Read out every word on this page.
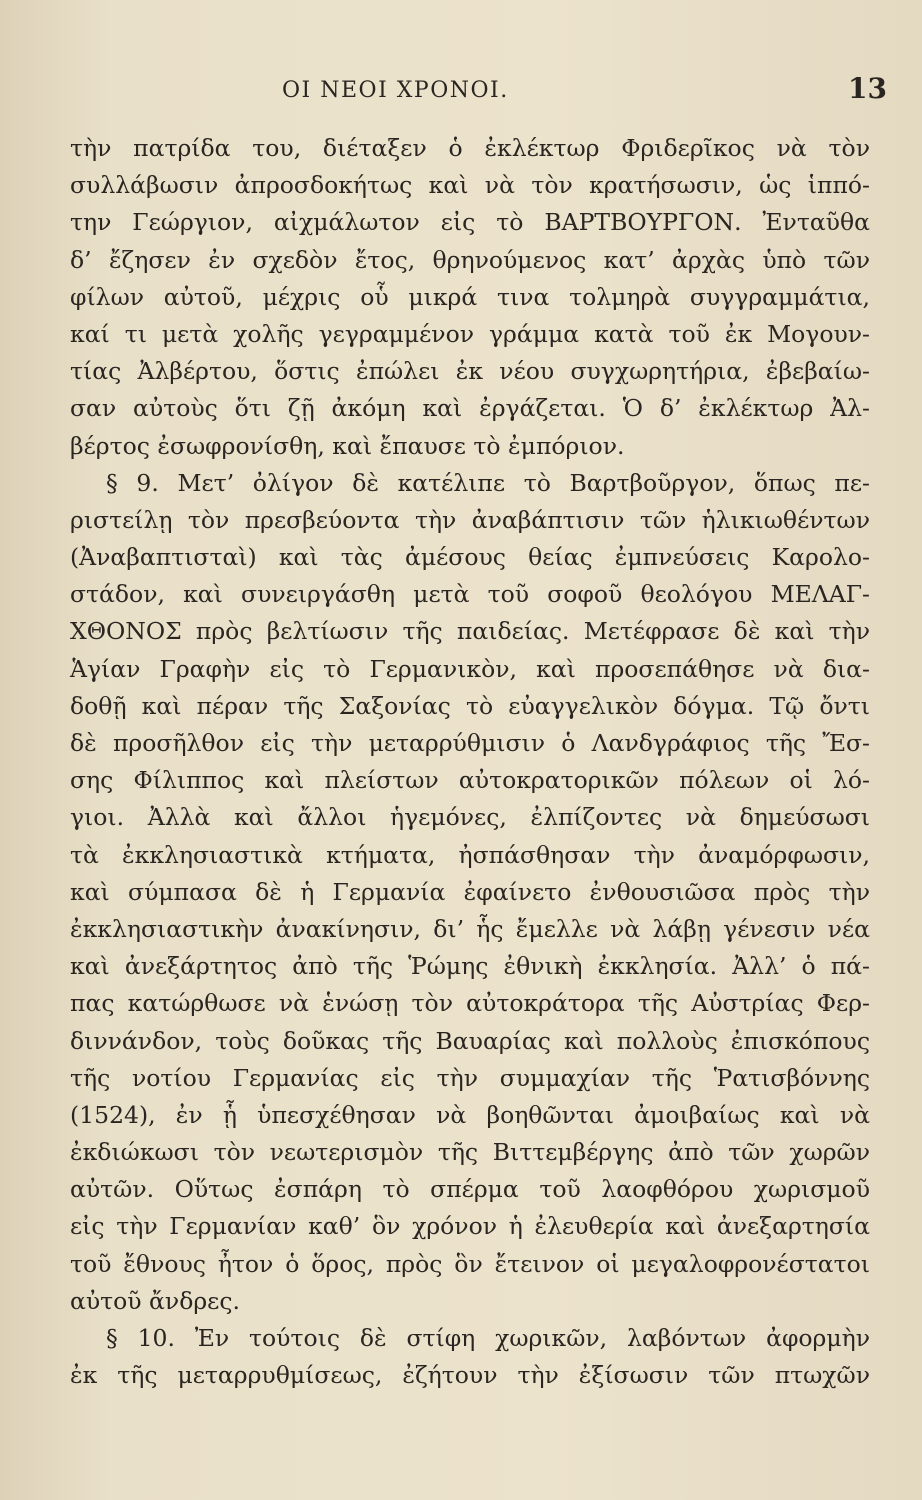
ΟΙ ΝΕΟΙ ΧΡΟΝΟΙ.	13
τὴν πατρίδα του, διέταξεν ὁ ἐκλέκτωρ Φριδερῖκος νὰ τὸν
συλλάβωσιν ἀπροσδοκήτως καὶ νὰ τὸν κρατήσωσιν, ὡς ἱππό-
την Γεώργιον, αἰχμάλωτον εἰς τὸ ΒΑΡΤΒΟΥΡΓΟΝ. Ἐνταῦθα
δ’ ἔζησεν ἐν σχεδὸν ἔτος, θρηνούμενος κατ’ ἀρχὰς ὑπὸ τῶν
φίλων αὐτοῦ, μέχρις οὗ μικρά τινα τολμηρὰ συγγραμμάτια,
καί τι μετὰ χολῆς γεγραμμένον γράμμα κατὰ τοῦ ἐκ Μογουν-
τίας Ἀλβέρτου, ὅστις ἐπώλει ἐκ νέου συγχωρητήρια, ἐβεβαίω-
σαν αὐτοὺς ὅτι ζῇ ἀκόμη καὶ ἐργάζεται. Ὁ δ’ ἐκλέκτωρ Ἀλ-
βέρτος ἐσωφρονίσθη, καὶ ἔπαυσε τὸ ἐμπόριον.
§ 9. Μετ’ ὀλίγον δὲ κατέλιπε τὸ Βαρτβοῦργον, ὅπως πε-
ριστείλῃ τὸν πρεσβεύοντα τὴν ἀναβάπτισιν τῶν ἡλικιωθέντων
(Ἀναβαπτισταὶ) καὶ τὰς ἀμέσους θείας ἐμπνεύσεις Καρολο-
στάδον, καὶ συνειργάσθη μετὰ τοῦ σοφοῦ θεολόγου ΜΕΛΑΓ-
ΧΘΟΝΟΣ πρὸς βελτίωσιν τῆς παιδείας. Μετέφρασε δὲ καὶ τὴν
Ἁγίαν Γραφὴν εἰς τὸ Γερμανικὸν, καὶ προσεπάθησε νὰ δια-
δοθῇ καὶ πέραν τῆς Σαξονίας τὸ εὐαγγελικὸν δόγμα. Τῷ ὄντι
δὲ προσῆλθον εἰς τὴν μεταρρύθμισιν ὁ Λανδγράφιος τῆς Ἔσ-
σης Φίλιππος καὶ πλείστων αὐτοκρατορικῶν πόλεων οἱ λό-
γιοι. Ἀλλὰ καὶ ἄλλοι ἡγεμόνες, ἐλπίζοντες νὰ δημεύσωσι
τὰ ἐκκλησιαστικὰ κτήματα, ἠσπάσθησαν τὴν ἀναμόρφωσιν,
καὶ σύμπασα δὲ ἡ Γερμανία ἐφαίνετο ἐνθουσιῶσα πρὸς τὴν
ἐκκλησιαστικὴν ἀνακίνησιν, δι’ ἧς ἔμελλε νὰ λάβῃ γένεσιν νέα
καὶ ἀνεξάρτητος ἀπὸ τῆς Ῥώμης ἐθνικὴ ἐκκλησία. Ἀλλ’ ὁ πά-
πας κατώρθωσε νὰ ἑνώσῃ τὸν αὐτοκράτορα τῆς Αὐστρίας Φερ-
διννάνδον, τοὺς δοῦκας τῆς Βαυαρίας καὶ πολλοὺς ἐπισκόπους
τῆς νοτίου Γερμανίας εἰς τὴν συμμαχίαν τῆς Ῥατισβόννης
(1524), ἐν ᾗ ὑπεσχέθησαν νὰ βοηθῶνται ἀμοιβαίως καὶ νὰ
ἐκδιώκωσι τὸν νεωτερισμὸν τῆς Βιττεμβέργης ἀπὸ τῶν χωρῶν
αὐτῶν. Οὕτως ἐσπάρη τὸ σπέρμα τοῦ λαοφθόρου χωρισμοῦ
εἰς τὴν Γερμανίαν καθ’ ὃν χρόνον ἡ ἐλευθερία καὶ ἀνεξαρτησία
τοῦ ἔθνους ἦτον ὁ ὅρος, πρὸς ὃν ἔτεινον οἱ μεγαλοφρονέστατοι
αὐτοῦ ἄνδρες.
§ 10. Ἐν τούτοις δὲ στίφη χωρικῶν, λαβόντων ἀφορμὴν
ἐκ τῆς μεταρρυθμίσεως, ἐζήτουν τὴν ἐξίσωσιν τῶν πτωχῶν
